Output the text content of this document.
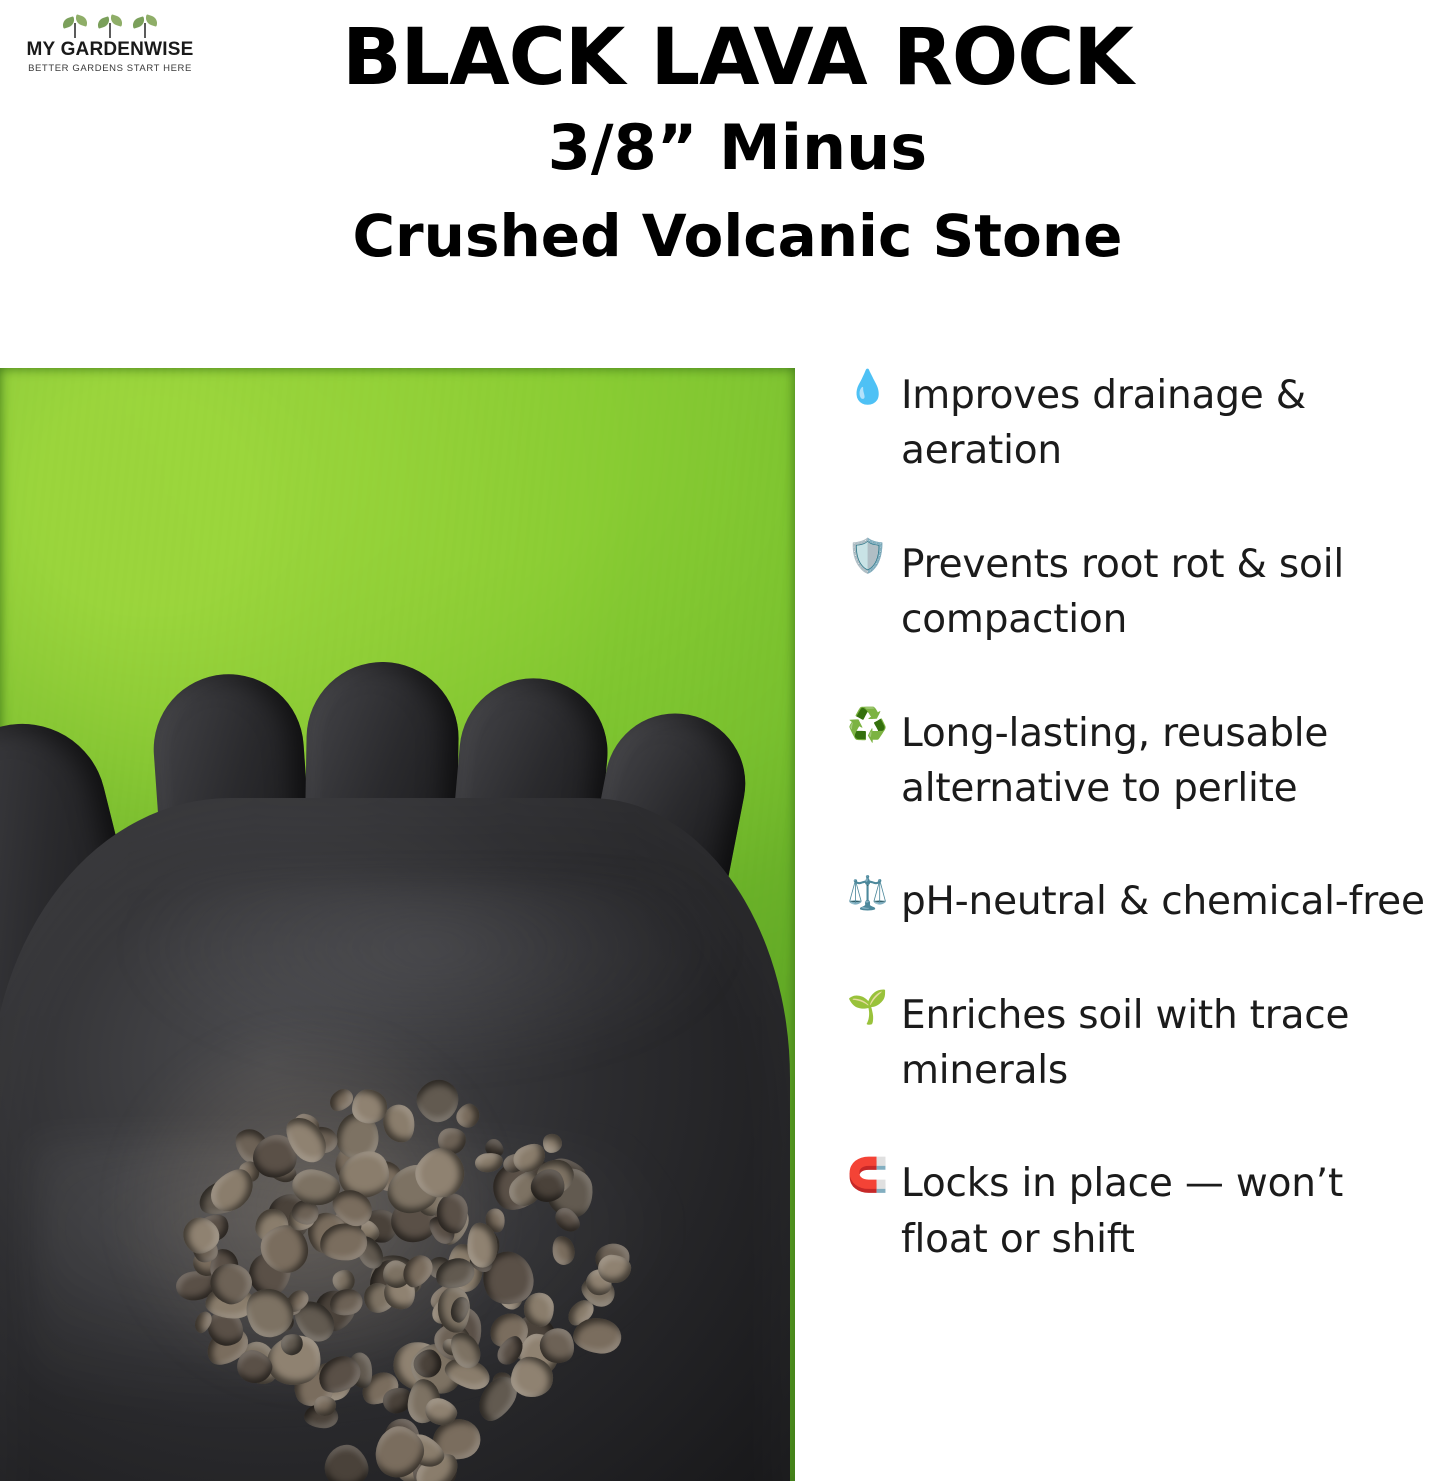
MY GARDENWISE
BETTER GARDENS START HERE	BLACK LAVA ROCK
3/8” Minus
Crushed Volcanic Stone
💧 Improves drainage & aeration
🛡️ Prevents root rot & soil compaction
♻️ Long-lasting, reusable alternative to perlite
⚖️ pH-neutral & chemical-free
🌱 Enriches soil with trace minerals
🧲 Locks in place — won’t float or shift
